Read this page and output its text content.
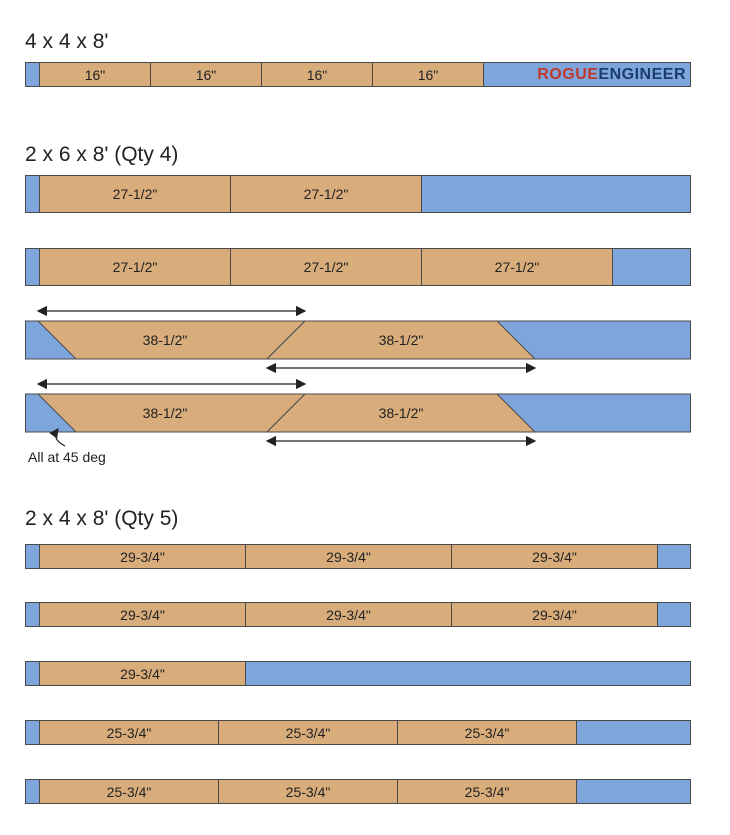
4 x 4 x 8'
16"	16"	16"	16"	ROGUEENGINEER
2 x 6 x 8' (Qty 4)
27-1/2"	27-1/2"
27-1/2"	27-1/2"	27-1/2"
38-1/2"	38-1/2"
38-1/2"	38-1/2"
All at 45 deg
2 x 4 x 8' (Qty 5)
29-3/4"	29-3/4"	29-3/4"
29-3/4"	29-3/4"	29-3/4"
29-3/4"
25-3/4"	25-3/4"	25-3/4"
25-3/4"	25-3/4"	25-3/4"
